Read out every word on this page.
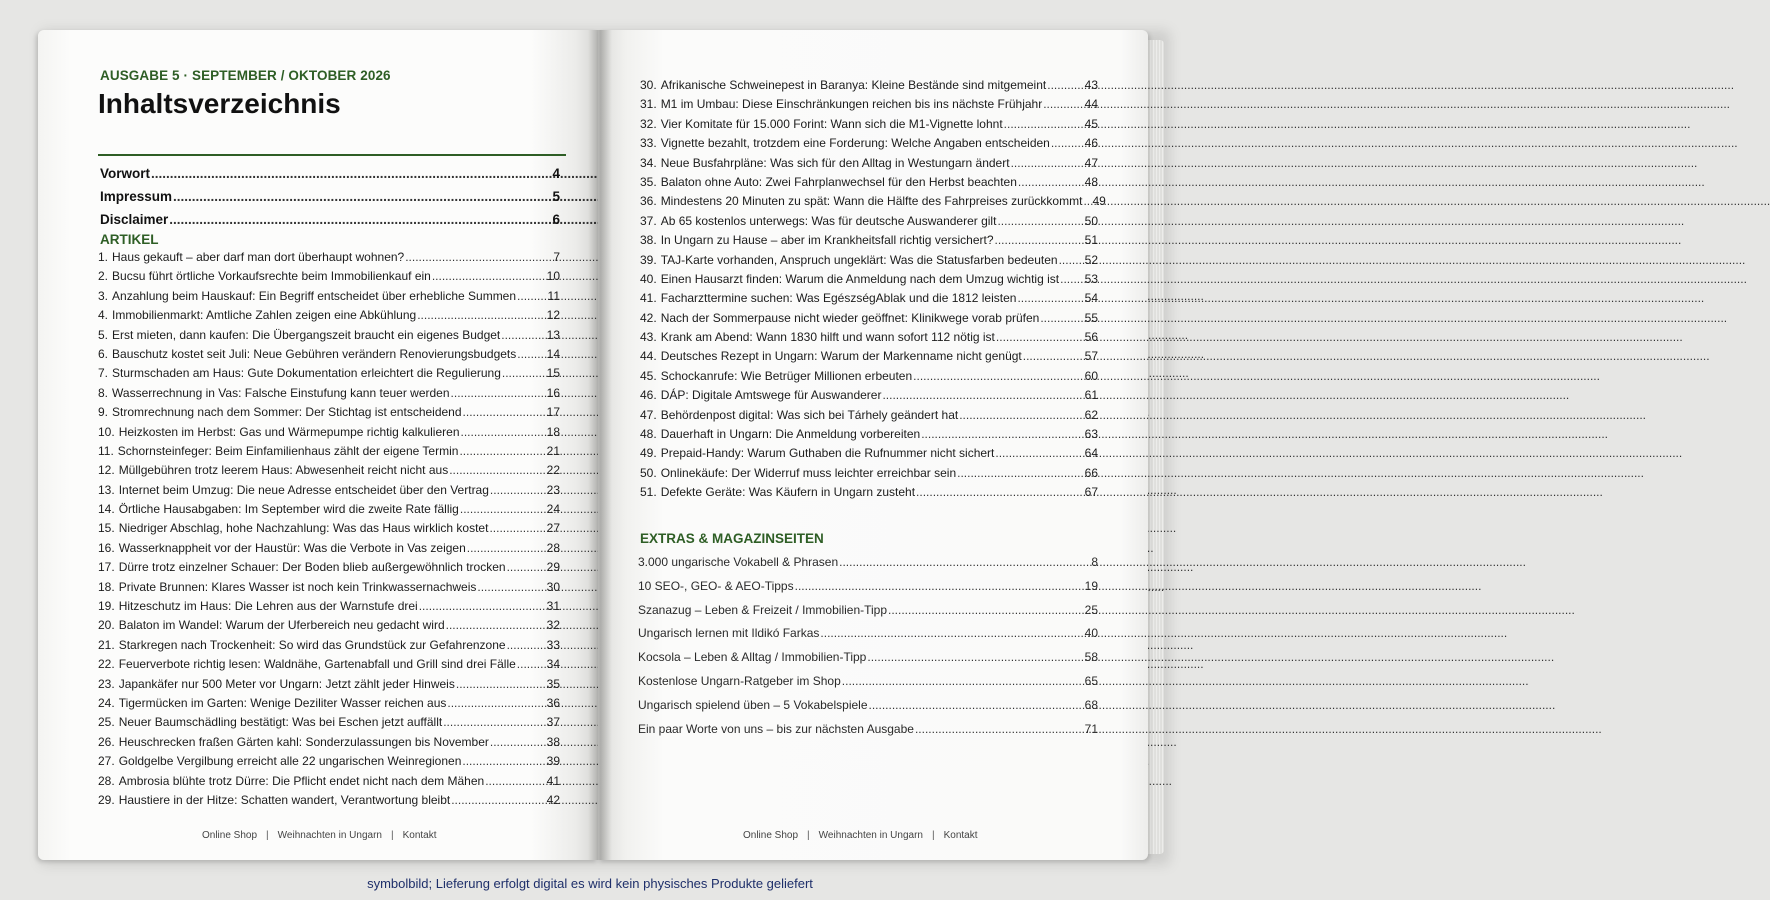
AUSGABE 5 · SEPTEMBER / OKTOBER 2026
Inhaltsverzeichnis
Vorwort .....	4
Impressum .....	5
Disclaimer .....	6
ARTIKEL
1. Haus gekauft – aber darf man dort überhaupt wohnen? .....	7
2. Bucsu führt örtliche Vorkaufsrechte beim Immobilienkauf ein .....	10
3. Anzahlung beim Hauskauf: Ein Begriff entscheidet über erhebliche Summen .....	11
4. Immobilienmarkt: Amtliche Zahlen zeigen eine Abkühlung .....	12
5. Erst mieten, dann kaufen: Die Übergangszeit braucht ein eigenes Budget .....	13
6. Bauschutz kostet seit Juli: Neue Gebühren verändern Renovierungsbudgets .....	14
7. Sturmschaden am Haus: Gute Dokumentation erleichtert die Regulierung .....	15
8. Wasserrechnung in Vas: Falsche Einstufung kann teuer werden .....	16
9. Stromrechnung nach dem Sommer: Der Stichtag ist entscheidend .....	17
10. Heizkosten im Herbst: Gas und Wärmepumpe richtig kalkulieren .....	18
11. Schornsteinfeger: Beim Einfamilienhaus zählt der eigene Termin .....	21
12. Müllgebühren trotz leerem Haus: Abwesenheit reicht nicht aus .....	22
13. Internet beim Umzug: Die neue Adresse entscheidet über den Vertrag .....	23
14. Örtliche Hausabgaben: Im September wird die zweite Rate fällig .....	24
15. Niedriger Abschlag, hohe Nachzahlung: Was das Haus wirklich kostet .....	27
16. Wasserknappheit vor der Haustür: Was die Verbote in Vas zeigen .....	28
17. Dürre trotz einzelner Schauer: Der Boden blieb außergewöhnlich trocken .....	29
18. Private Brunnen: Klares Wasser ist noch kein Trinkwassernachweis .....	30
19. Hitzeschutz im Haus: Die Lehren aus der Warnstufe drei .....	31
20. Balaton im Wandel: Warum der Uferbereich neu gedacht wird .....	32
21. Starkregen nach Trockenheit: So wird das Grundstück zur Gefahrenzone .....	33
22. Feuerverbote richtig lesen: Waldnähe, Gartenabfall und Grill sind drei Fälle .....	34
23. Japankäfer nur 500 Meter vor Ungarn: Jetzt zählt jeder Hinweis .....	35
24. Tigermücken im Garten: Wenige Deziliter Wasser reichen aus .....	36
25. Neuer Baumschädling bestätigt: Was bei Eschen jetzt auffällt .....	37
26. Heuschrecken fraßen Gärten kahl: Sonderzulassungen bis November .....	38
27. Goldgelbe Vergilbung erreicht alle 22 ungarischen Weinregionen .....	39
28. Ambrosia blühte trotz Dürre: Die Pflicht endet nicht nach dem Mähen .....	41
29. Haustiere in der Hitze: Schatten wandert, Verantwortung bleibt .....	42
Online Shop | Weihnachten in Ungarn | Kontakt
30. Afrikanische Schweinepest in Baranya: Kleine Bestände sind mitgemeint .....	43
31. M1 im Umbau: Diese Einschränkungen reichen bis ins nächste Frühjahr .....	44
32. Vier Komitate für 15.000 Forint: Wann sich die M1-Vignette lohnt .....	45
33. Vignette bezahlt, trotzdem eine Forderung: Welche Angaben entscheiden .....	46
34. Neue Busfahrpläne: Was sich für den Alltag in Westungarn ändert .....	47
35. Balaton ohne Auto: Zwei Fahrplanwechsel für den Herbst beachten .....	48
36. Mindestens 20 Minuten zu spät: Wann die Hälfte des Fahrpreises zurückkommt ..... 49
37. Ab 65 kostenlos unterwegs: Was für deutsche Auswanderer gilt .....	50
38. In Ungarn zu Hause – aber im Krankheitsfall richtig versichert? .....	51
39. TAJ-Karte vorhanden, Anspruch ungeklärt: Was die Statusfarben bedeuten ..... 52
40. Einen Hausarzt finden: Warum die Anmeldung nach dem Umzug wichtig ist ..... 53
41. Facharzttermine suchen: Was EgészségAblak und die 1812 leisten .....	54
42. Nach der Sommerpause nicht wieder geöffnet: Klinikwege vorab prüfen .....	55
43. Krank am Abend: Wann 1830 hilft und wann sofort 112 nötig ist .....	56
44. Deutsches Rezept in Ungarn: Warum der Markenname nicht genügt .....	57
45. Schockanrufe: Wie Betrüger Millionen erbeuten .....	60
46. DÁP: Digitale Amtswege für Auswanderer .....	61
47. Behördenpost digital: Was sich bei Tárhely geändert hat .....	62
48. Dauerhaft in Ungarn: Die Anmeldung vorbereiten .....	63
49. Prepaid-Handy: Warum Guthaben die Rufnummer nicht sichert .....	64
50. Onlinekäufe: Der Widerruf muss leichter erreichbar sein .....	66
51. Defekte Geräte: Was Käufern in Ungarn zusteht .....	67
EXTRAS & MAGAZINSEITEN
3.000 ungarische Vokabell & Phrasen .....	8
10 SEO-, GEO- & AEO-Tipps .....	19
Szanazug – Leben & Freizeit / Immobilien-Tipp .....	25
Ungarisch lernen mit Ildikó Farkas .....	40
Kocsola – Leben & Alltag / Immobilien-Tipp .....	58
Kostenlose Ungarn-Ratgeber im Shop .....	65
Ungarisch spielend üben – 5 Vokabelspiele .....	68
Ein paar Worte von uns – bis zur nächsten Ausgabe .....	71
Online Shop | Weihnachten in Ungarn | Kontakt
symbolbild; Lieferung erfolgt digital es wird kein physisches Produkte geliefert
